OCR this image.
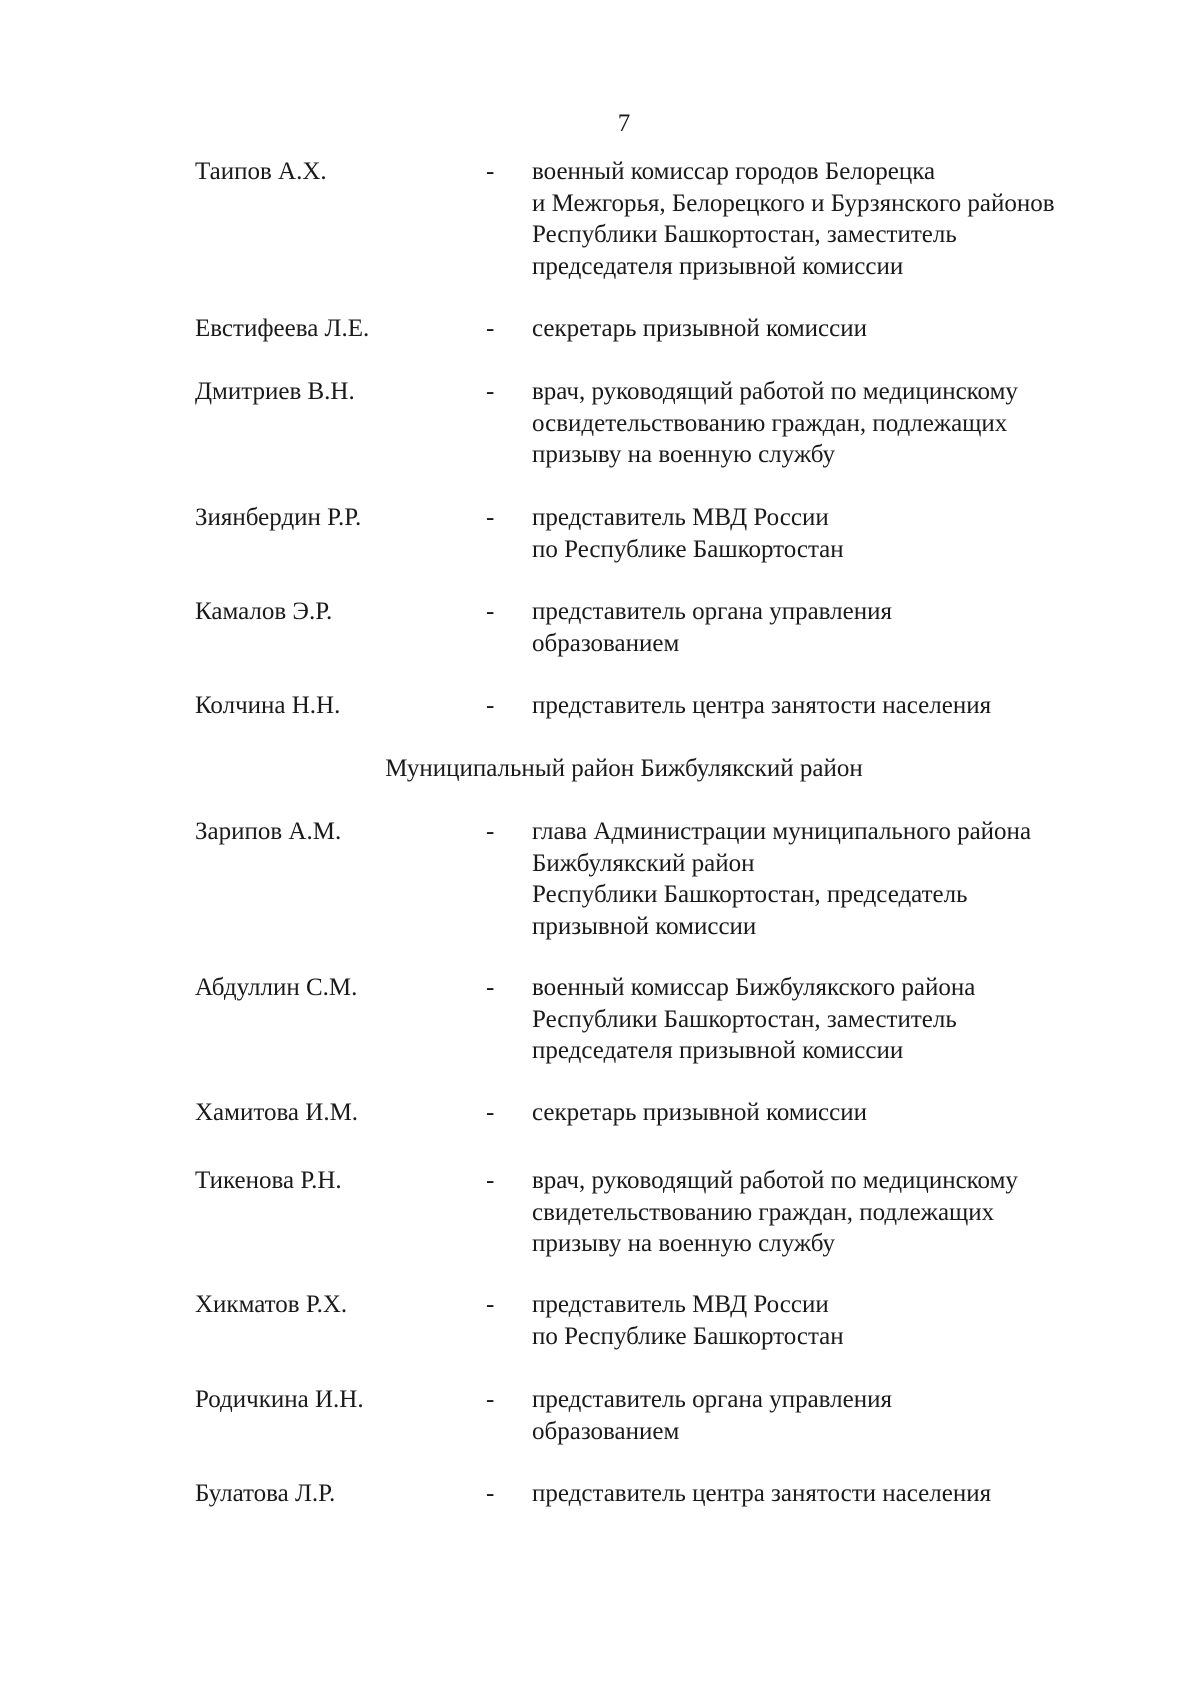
7
Таипов А.Х.	- военный комиссар городов Белорецка
и Межгорья, Белорецкого и Бурзянского районов
Республики Башкортостан, заместитель
председателя призывной комиссии
Евстифеева Л.Е.	- секретарь призывной комиссии
Дмитриев В.Н.	- врач, руководящий работой по медицинскому
освидетельствованию граждан, подлежащих
призыву на военную службу
Зиянбердин Р.Р.	- представитель МВД России
по Республике Башкортостан
Камалов Э.Р.	- представитель органа управления
образованием
Колчина Н.Н.	- представитель центра занятости населения
Муниципальный район Бижбулякский район
Зарипов А.М.	- глава Администрации муниципального района
Бижбулякский район
Республики Башкортостан, председатель
призывной комиссии
Абдуллин С.М.	- военный комиссар Бижбулякского района
Республики Башкортостан, заместитель
председателя призывной комиссии
Хамитова И.М.	- секретарь призывной комиссии
Тикенова Р.Н.	- врач, руководящий работой по медицинскому
свидетельствованию граждан, подлежащих
призыву на военную службу
Хикматов Р.Х.	- представитель МВД России
по Республике Башкортостан
Родичкина И.Н.	- представитель органа управления
образованием
Булатова Л.Р.	- представитель центра занятости населения
